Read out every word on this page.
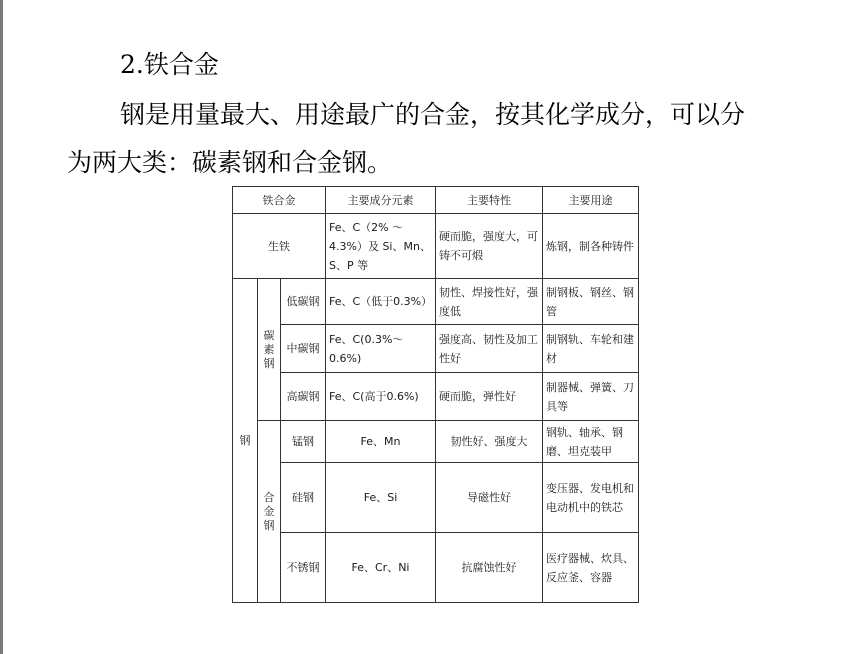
2.铁合金
钢是用量最大、用途最广的合金，按其化学成分，可以分
为两大类：碳素钢和合金钢。
铁合金			主要成分元素	主要特性	主要用途
生铁			Fe、C（2% ～ 4.3%）及 Si、Mn、S、P 等	硬而脆，强度大，可铸不可煅	炼钢，制各种铸件
钢	碳素钢	低碳钢	Fe、C（低于0.3%）	韧性、焊接性好，强度低	制钢板、钢丝、钢管
		中碳钢	Fe、C(0.3%～0.6%)	强度高、韧性及加工性好	制钢轨、车轮和建材
		高碳钢	Fe、C(高于0.6%)	硬而脆，弹性好	制器械、弹簧、刀具等
	合金钢	锰钢	Fe、Mn	韧性好、强度大	钢轨、轴承、钢磨、坦克装甲
		硅钢	Fe、Si	导磁性好	变压器、发电机和电动机中的铁芯
		不锈钢	Fe、Cr、Ni	抗腐蚀性好	医疗器械、炊具、反应釜、容器
